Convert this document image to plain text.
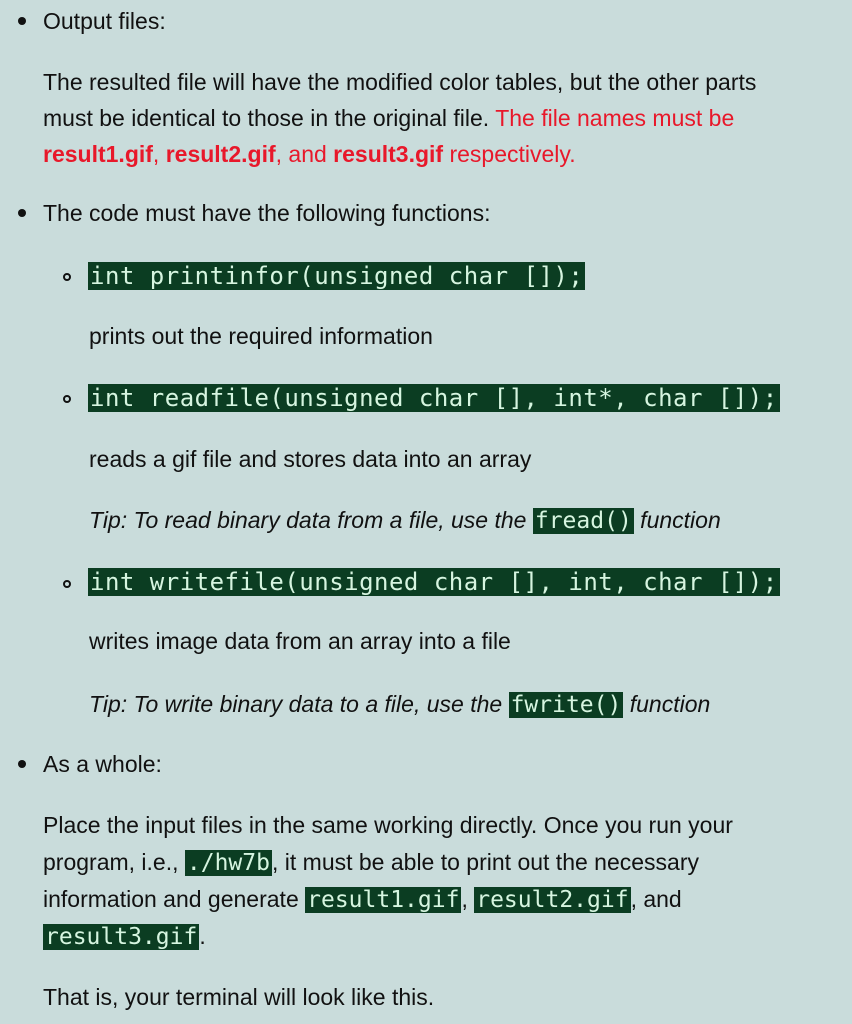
Output files:
The resulted file will have the modified color tables, but the other parts
must be identical to those in the original file. The file names must be
result1.gif, result2.gif, and result3.gif respectively.
The code must have the following functions:
int printinfor(unsigned char []);
prints out the required information
int readfile(unsigned char [], int*, char []);
reads a gif file and stores data into an array
Tip: To read binary data from a file, use the fread() function
int writefile(unsigned char [], int, char []);
writes image data from an array into a file
Tip: To write binary data to a file, use the fwrite() function
As a whole:
Place the input files in the same working directly. Once you run your
program, i.e., ./hw7b, it must be able to print out the necessary
information and generate result1.gif, result2.gif, and
result3.gif.
That is, your terminal will look like this.
